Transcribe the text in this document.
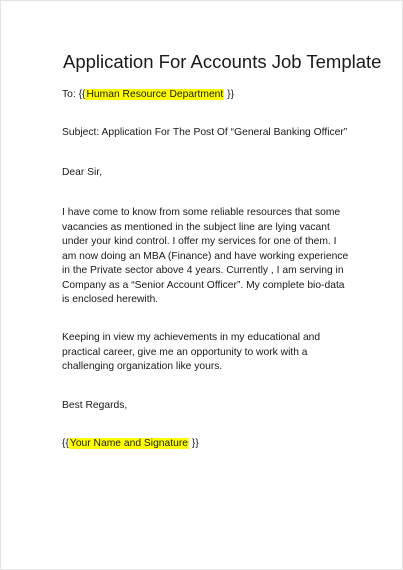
Application For Accounts Job Template
To: {{Human Resource Department }}
Subject: Application For The Post Of “General Banking Officer”
Dear Sir,
I have come to know from some reliable resources that some
vacancies as mentioned in the subject line are lying vacant
under your kind control. I offer my services for one of them. I
am now doing an MBA (Finance) and have working experience
in the Private sector above 4 years. Currently , I am serving in
Company as a “Senior Account Officer”. My complete bio-data
is enclosed herewith.
Keeping in view my achievements in my educational and
practical career, give me an opportunity to work with a
challenging organization like yours.
Best Regards,
{{Your Name and Signature }}
